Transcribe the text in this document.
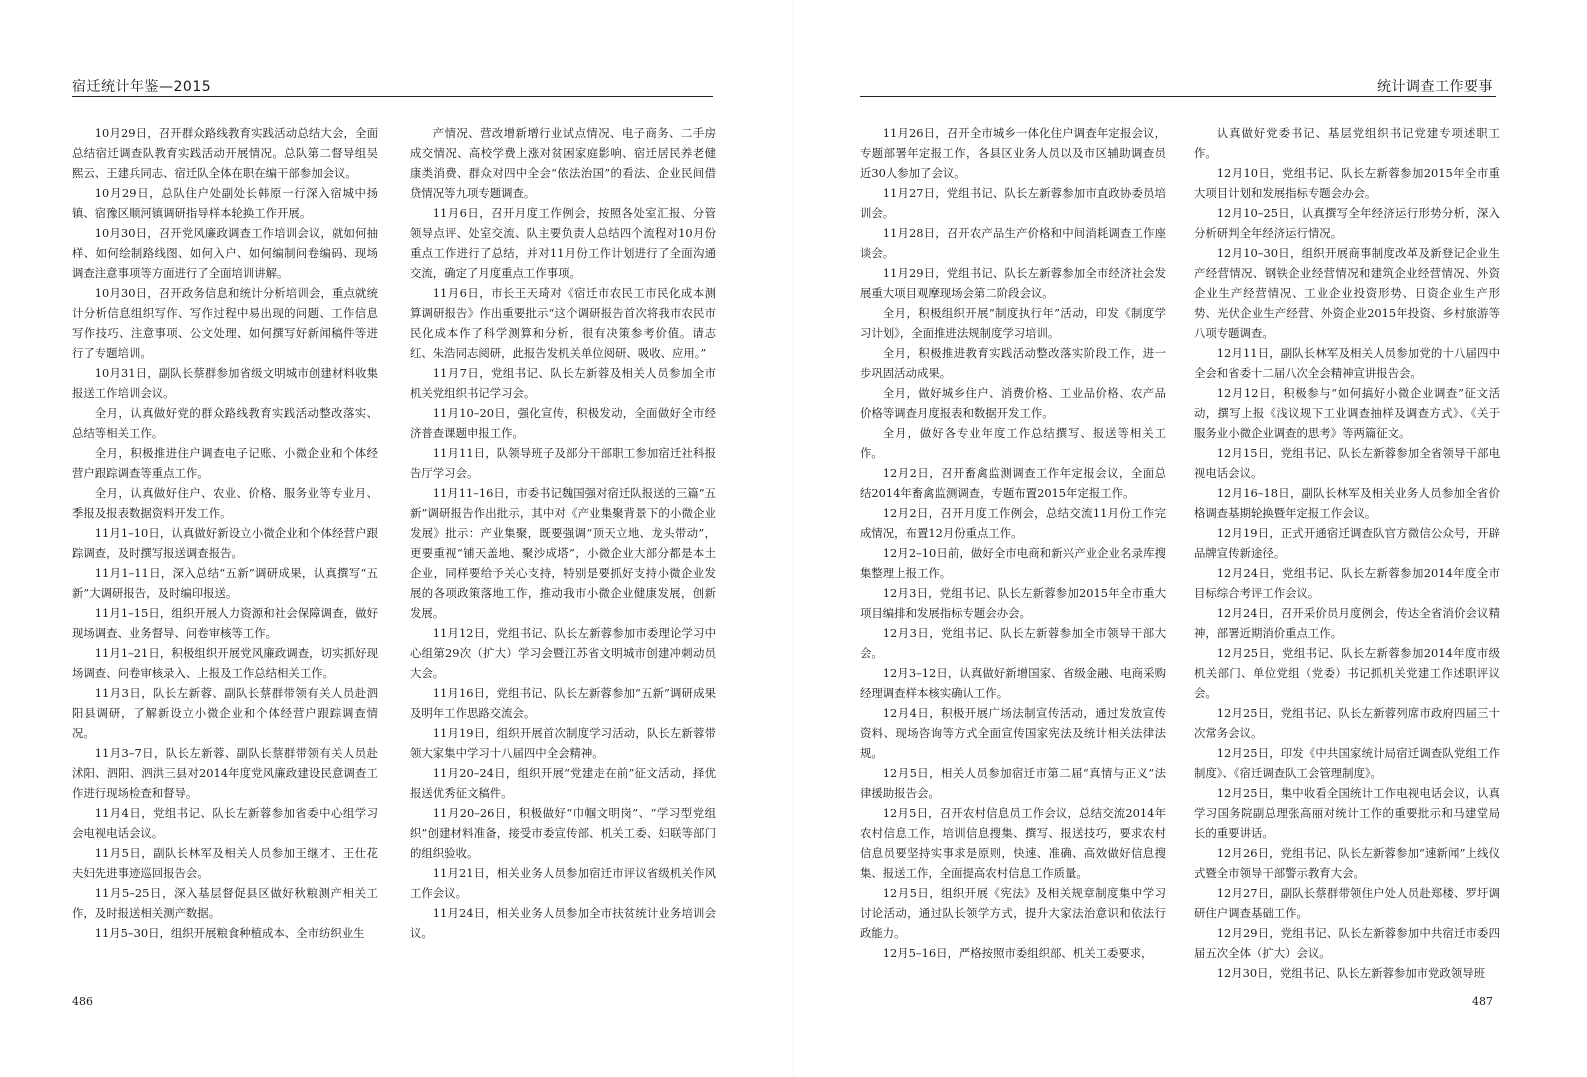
宿迁统计年鉴—2015

10月29日，召开群众路线教育实践活动总结大会，全面总结宿迁调查队教育实践活动开展情况。总队第二督导组吴熙云、王建兵同志、宿迁队全体在职在编干部参加会议。

10月29日，总队住户处副处长韩原一行深入宿城中扬镇、宿豫区顺河镇调研指导样本轮换工作开展。

10月30日，召开党风廉政调查工作培训会议，就如何抽样、如何绘制路线图、如何入户、如何编制问卷编码、现场调查注意事项等方面进行了全面培训讲解。

10月30日，召开政务信息和统计分析培训会，重点就统计分析信息组织写作、写作过程中易出现的问题、工作信息写作技巧、注意事项、公文处理、如何撰写好新闻稿件等进行了专题培训。

10月31日，副队长蔡群参加省级文明城市创建材料收集报送工作培训会议。

全月，认真做好党的群众路线教育实践活动整改落实、总结等相关工作。

全月，积极推进住户调查电子记账、小微企业和个体经营户跟踪调查等重点工作。

全月，认真做好住户、农业、价格、服务业等专业月、季报及报表数据资料开发工作。

11月1–10日，认真做好新设立小微企业和个体经营户跟踪调查，及时撰写报送调查报告。

11月1–11日，深入总结“五新”调研成果，认真撰写“五新”大调研报告，及时编印报送。

11月1–15日，组织开展人力资源和社会保障调查，做好现场调查、业务督导、问卷审核等工作。

11月1–21日，积极组织开展党风廉政调查，切实抓好现场调查、问卷审核录入、上报及工作总结相关工作。

11月3日，队长左新蓉、副队长蔡群带领有关人员赴泗阳县调研，了解新设立小微企业和个体经营户跟踪调查情况。

11月3–7日，队长左新蓉、副队长蔡群带领有关人员赴沭阳、泗阳、泗洪三县对2014年度党风廉政建设民意调查工作进行现场检查和督导。

11月4日，党组书记、队长左新蓉参加省委中心组学习会电视电话会议。

11月5日，副队长林军及相关人员参加王继才、王仕花夫妇先进事迹巡回报告会。

11月5–25日，深入基层督促县区做好秋粮测产相关工作，及时报送相关测产数据。

11月5–30日，组织开展粮食种植成本、全市纺织业生

产情况、营改增新增行业试点情况、电子商务、二手房成交情况、高校学费上涨对贫困家庭影响、宿迁居民养老健康类消费、群众对四中全会“依法治国”的看法、企业民间借贷情况等九项专题调查。

11月6日，召开月度工作例会，按照各处室汇报、分管领导点评、处室交流、队主要负责人总结四个流程对10月份重点工作进行了总结，并对11月份工作计划进行了全面沟通交流，确定了月度重点工作事项。

11月6日，市长王天琦对《宿迁市农民工市民化成本测算调研报告》作出重要批示“这个调研报告首次将我市农民市民化成本作了科学测算和分析，很有决策参考价值。请志红、朱浩同志阅研，此报告发机关单位阅研、吸收、应用。”

11月7日，党组书记、队长左新蓉及相关人员参加全市机关党组织书记学习会。

11月10–20日，强化宣传，积极发动，全面做好全市经济普查课题申报工作。

11月11日，队领导班子及部分干部职工参加宿迁社科报告厅学习会。

11月11–16日，市委书记魏国强对宿迁队报送的三篇“五新”调研报告作出批示，其中对《产业集聚背景下的小微企业发展》批示：产业集聚，既要强调“顶天立地、龙头带动”，更要重视“铺天盖地、聚沙成塔”，小微企业大部分都是本土企业，同样要给予关心支持，特别是要抓好支持小微企业发展的各项政策落地工作，推动我市小微企业健康发展，创新发展。

11月12日，党组书记、队长左新蓉参加市委理论学习中心组第29次（扩大）学习会暨江苏省文明城市创建冲刺动员大会。

11月16日，党组书记、队长左新蓉参加“五新”调研成果及明年工作思路交流会。

11月19日，组织开展首次制度学习活动，队长左新蓉带领大家集中学习十八届四中全会精神。

11月20–24日，组织开展“党建走在前”征文活动，择优报送优秀征文稿件。

11月20–26日，积极做好“巾帼文明岗”、“学习型党组织”创建材料准备，接受市委宣传部、机关工委、妇联等部门的组织验收。

11月21日，相关业务人员参加宿迁市评议省级机关作风工作会议。

11月24日，相关业务人员参加全市扶贫统计业务培训会议。

486
统计调查工作要事

11月26日，召开全市城乡一体化住户调查年定报会议，专题部署年定报工作，各县区业务人员以及市区辅助调查员近30人参加了会议。

11月27日，党组书记、队长左新蓉参加市直政协委员培训会。

11月28日，召开农产品生产价格和中间消耗调查工作座谈会。

11月29日，党组书记、队长左新蓉参加全市经济社会发展重大项目观摩现场会第二阶段会议。

全月，积极组织开展“制度执行年”活动，印发《制度学习计划》，全面推进法规制度学习培训。

全月，积极推进教育实践活动整改落实阶段工作，进一步巩固活动成果。

全月，做好城乡住户、消费价格、工业品价格、农产品价格等调查月度报表和数据开发工作。

全月，做好各专业年度工作总结撰写、报送等相关工作。

12月2日，召开畜禽监测调查工作年定报会议，全面总结2014年畜禽监测调查，专题布置2015年定报工作。

12月2日，召开月度工作例会，总结交流11月份工作完成情况，布置12月份重点工作。

12月2–10日前，做好全市电商和新兴产业企业名录库搜集整理上报工作。

12月3日，党组书记、队长左新蓉参加2015年全市重大项目编排和发展指标专题会办会。

12月3日，党组书记、队长左新蓉参加全市领导干部大会。

12月3–12日，认真做好新增国家、省级金融、电商采购经理调查样本核实确认工作。

12月4日，积极开展广场法制宣传活动，通过发放宣传资料、现场咨询等方式全面宣传国家宪法及统计相关法律法规。

12月5日，相关人员参加宿迁市第二届“真情与正义”法律援助报告会。

12月5日，召开农村信息员工作会议，总结交流2014年农村信息工作，培训信息搜集、撰写、报送技巧，要求农村信息员要坚持实事求是原则，快速、准确、高效做好信息搜集、报送工作，全面提高农村信息工作质量。

12月5日，组织开展《宪法》及相关规章制度集中学习讨论活动，通过队长领学方式，提升大家法治意识和依法行政能力。

12月5–16日，严格按照市委组织部、机关工委要求，

认真做好党委书记、基层党组织书记党建专项述职工作。

12月10日，党组书记、队长左新蓉参加2015年全市重大项目计划和发展指标专题会办会。

12月10–25日，认真撰写全年经济运行形势分析，深入分析研判全年经济运行情况。

12月10–30日，组织开展商事制度改革及新登记企业生产经营情况、钢铁企业经营情况和建筑企业经营情况、外资企业生产经营情况、工业企业投资形势、日资企业生产形势、光伏企业生产经营、外资企业2015年投资、乡村旅游等八项专题调查。

12月11日，副队长林军及相关人员参加党的十八届四中全会和省委十二届八次全会精神宣讲报告会。

12月12日，积极参与“如何搞好小微企业调查”征文活动，撰写上报《浅议规下工业调查抽样及调查方式》、《关于服务业小微企业调查的思考》等两篇征文。

12月15日，党组书记、队长左新蓉参加全省领导干部电视电话会议。

12月16–18日，副队长林军及相关业务人员参加全省价格调查基期轮换暨年定报工作会议。

12月19日，正式开通宿迁调查队官方微信公众号，开辟品牌宣传新途径。

12月24日，党组书记、队长左新蓉参加2014年度全市目标综合考评工作会议。

12月24日，召开采价员月度例会，传达全省消价会议精神，部署近期消价重点工作。

12月25日，党组书记、队长左新蓉参加2014年度市级机关部门、单位党组（党委）书记抓机关党建工作述职评议会。

12月25日，党组书记、队长左新蓉列席市政府四届三十次常务会议。

12月25日，印发《中共国家统计局宿迁调查队党组工作制度》、《宿迁调查队工会管理制度》。

12月25日，集中收看全国统计工作电视电话会议，认真学习国务院副总理张高丽对统计工作的重要批示和马建堂局长的重要讲话。

12月26日，党组书记、队长左新蓉参加“速新闻”上线仪式暨全市领导干部警示教育大会。

12月27日，副队长蔡群带领住户处人员赴郑楼、罗圩调研住户调查基础工作。

12月29日，党组书记、队长左新蓉参加中共宿迁市委四届五次全体（扩大）会议。

12月30日，党组书记、队长左新蓉参加市党政领导班

487
